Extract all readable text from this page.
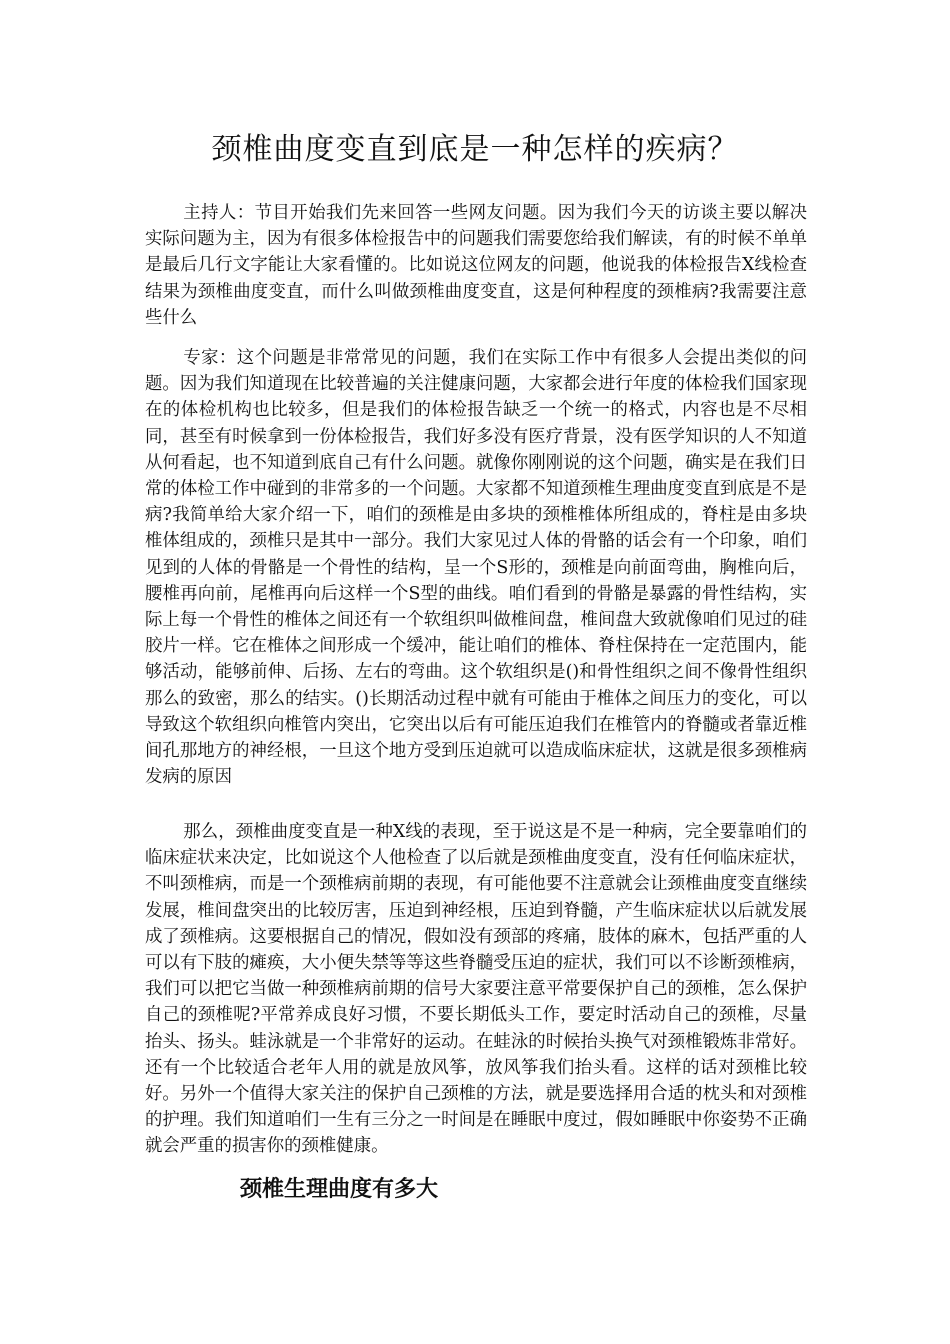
颈椎曲度变直到底是一种怎样的疾病？

主持人：节目开始我们先来回答一些网友问题。因为我们今天的访谈主要以解决实际问题为主，因为有很多体检报告中的问题我们需要您给我们解读，有的时候不单单是最后几行文字能让大家看懂的。比如说这位网友的问题，他说我的体检报告X线检查结果为颈椎曲度变直，而什么叫做颈椎曲度变直，这是何种程度的颈椎病?我需要注意些什么

专家：这个问题是非常常见的问题，我们在实际工作中有很多人会提出类似的问题。因为我们知道现在比较普遍的关注健康问题，大家都会进行年度的体检我们国家现在的体检机构也比较多，但是我们的体检报告缺乏一个统一的格式，内容也是不尽相同，甚至有时候拿到一份体检报告，我们好多没有医疗背景，没有医学知识的人不知道从何看起，也不知道到底自己有什么问题。就像你刚刚说的这个问题，确实是在我们日常的体检工作中碰到的非常多的一个问题。大家都不知道颈椎生理曲度变直到底是不是病?我简单给大家介绍一下，咱们的颈椎是由多块的颈椎椎体所组成的，脊柱是由多块椎体组成的，颈椎只是其中一部分。我们大家见过人体的骨骼的话会有一个印象，咱们见到的人体的骨骼是一个骨性的结构，呈一个S形的，颈椎是向前面弯曲，胸椎向后，腰椎再向前，尾椎再向后这样一个S型的曲线。咱们看到的骨骼是暴露的骨性结构，实际上每一个骨性的椎体之间还有一个软组织叫做椎间盘，椎间盘大致就像咱们见过的硅胶片一样。它在椎体之间形成一个缓冲，能让咱们的椎体、脊柱保持在一定范围内，能够活动，能够前伸、后扬、左右的弯曲。这个软组织是()和骨性组织之间不像骨性组织那么的致密，那么的结实。()长期活动过程中就有可能由于椎体之间压力的变化，可以导致这个软组织向椎管内突出，它突出以后有可能压迫我们在椎管内的脊髓或者靠近椎间孔那地方的神经根，一旦这个地方受到压迫就可以造成临床症状，这就是很多颈椎病发病的原因

那么，颈椎曲度变直是一种X线的表现，至于说这是不是一种病，完全要靠咱们的临床症状来决定，比如说这个人他检查了以后就是颈椎曲度变直，没有任何临床症状，不叫颈椎病，而是一个颈椎病前期的表现，有可能他要不注意就会让颈椎曲度变直继续发展，椎间盘突出的比较厉害，压迫到神经根，压迫到脊髓，产生临床症状以后就发展成了颈椎病。这要根据自己的情况，假如没有颈部的疼痛，肢体的麻木，包括严重的人可以有下肢的瘫痪，大小便失禁等等这些脊髓受压迫的症状，我们可以不诊断颈椎病，我们可以把它当做一种颈椎病前期的信号大家要注意平常要保护自己的颈椎，怎么保护自己的颈椎呢?平常养成良好习惯，不要长期低头工作，要定时活动自己的颈椎，尽量抬头、扬头。蛙泳就是一个非常好的运动。在蛙泳的时候抬头换气对颈椎锻炼非常好。还有一个比较适合老年人用的就是放风筝，放风筝我们抬头看。这样的话对颈椎比较好。另外一个值得大家关注的保护自己颈椎的方法，就是要选择用合适的枕头和对颈椎的护理。我们知道咱们一生有三分之一时间是在睡眠中度过，假如睡眠中你姿势不正确就会严重的损害你的颈椎健康。

颈椎生理曲度有多大
